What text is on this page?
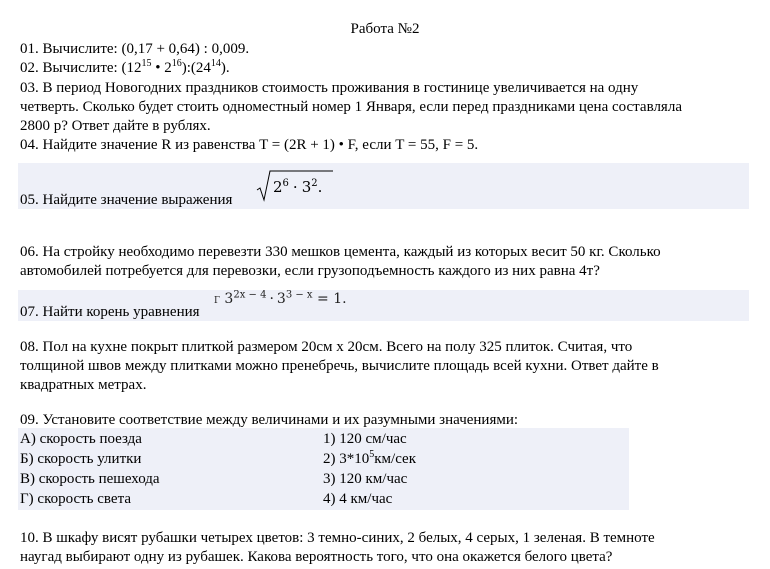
Работа №2
01. Вычислите: (0,17 + 0,64) : 0,009.
02. Вычислите: ($12^{15}$ • $2^{16}):(24^{14})$.
03. В период Новогодних праздников стоимость проживания в гостинице увеличивается на одну
четверть. Сколько будет стоить одноместный номер 1 Января, если перед праздниками цена составляла
2800 р? Ответ дайте в рублях.
04. Найдите значение R из равенства T = (2R + 1) • F, если T = 55, F = 5.
05. Найдите значение выражения
$2^6 \cdot 3^2$.
06. На стройку необходимо перевезти 330 мешков цемента, каждый из которых весит 50 кг. Сколько
автомобилей потребуется для перевозки, если грузоподъемность каждого из них равна 4т?
07. Найти корень уравнения
Г $3^{2x - 4} \cdot 3^{3 - x} = 1$.
08. Пол на кухне покрыт плиткой размером 20см х 20см. Всего на полу 325 плиток. Считая, что
толщиной швов между плитками можно пренебречь, вычислите площадь всей кухни. Ответ дайте в
квадратных метрах.
09. Установите соответствие между величинами и их разумными значениями:
А) скорость поезда
Б) скорость улитки
В) скорость пешехода
Г) скорость света
1) 120 см/час
2) $3*10^5км$/сек
3) 120 км/час
4) 4 км/час
10. В шкафу висят рубашки четырех цветов: 3 темно-синих, 2 белых, 4 серых, 1 зеленая. В темноте
наугад выбирают одну из рубашек. Какова вероятность того, что она окажется белого цвета?
